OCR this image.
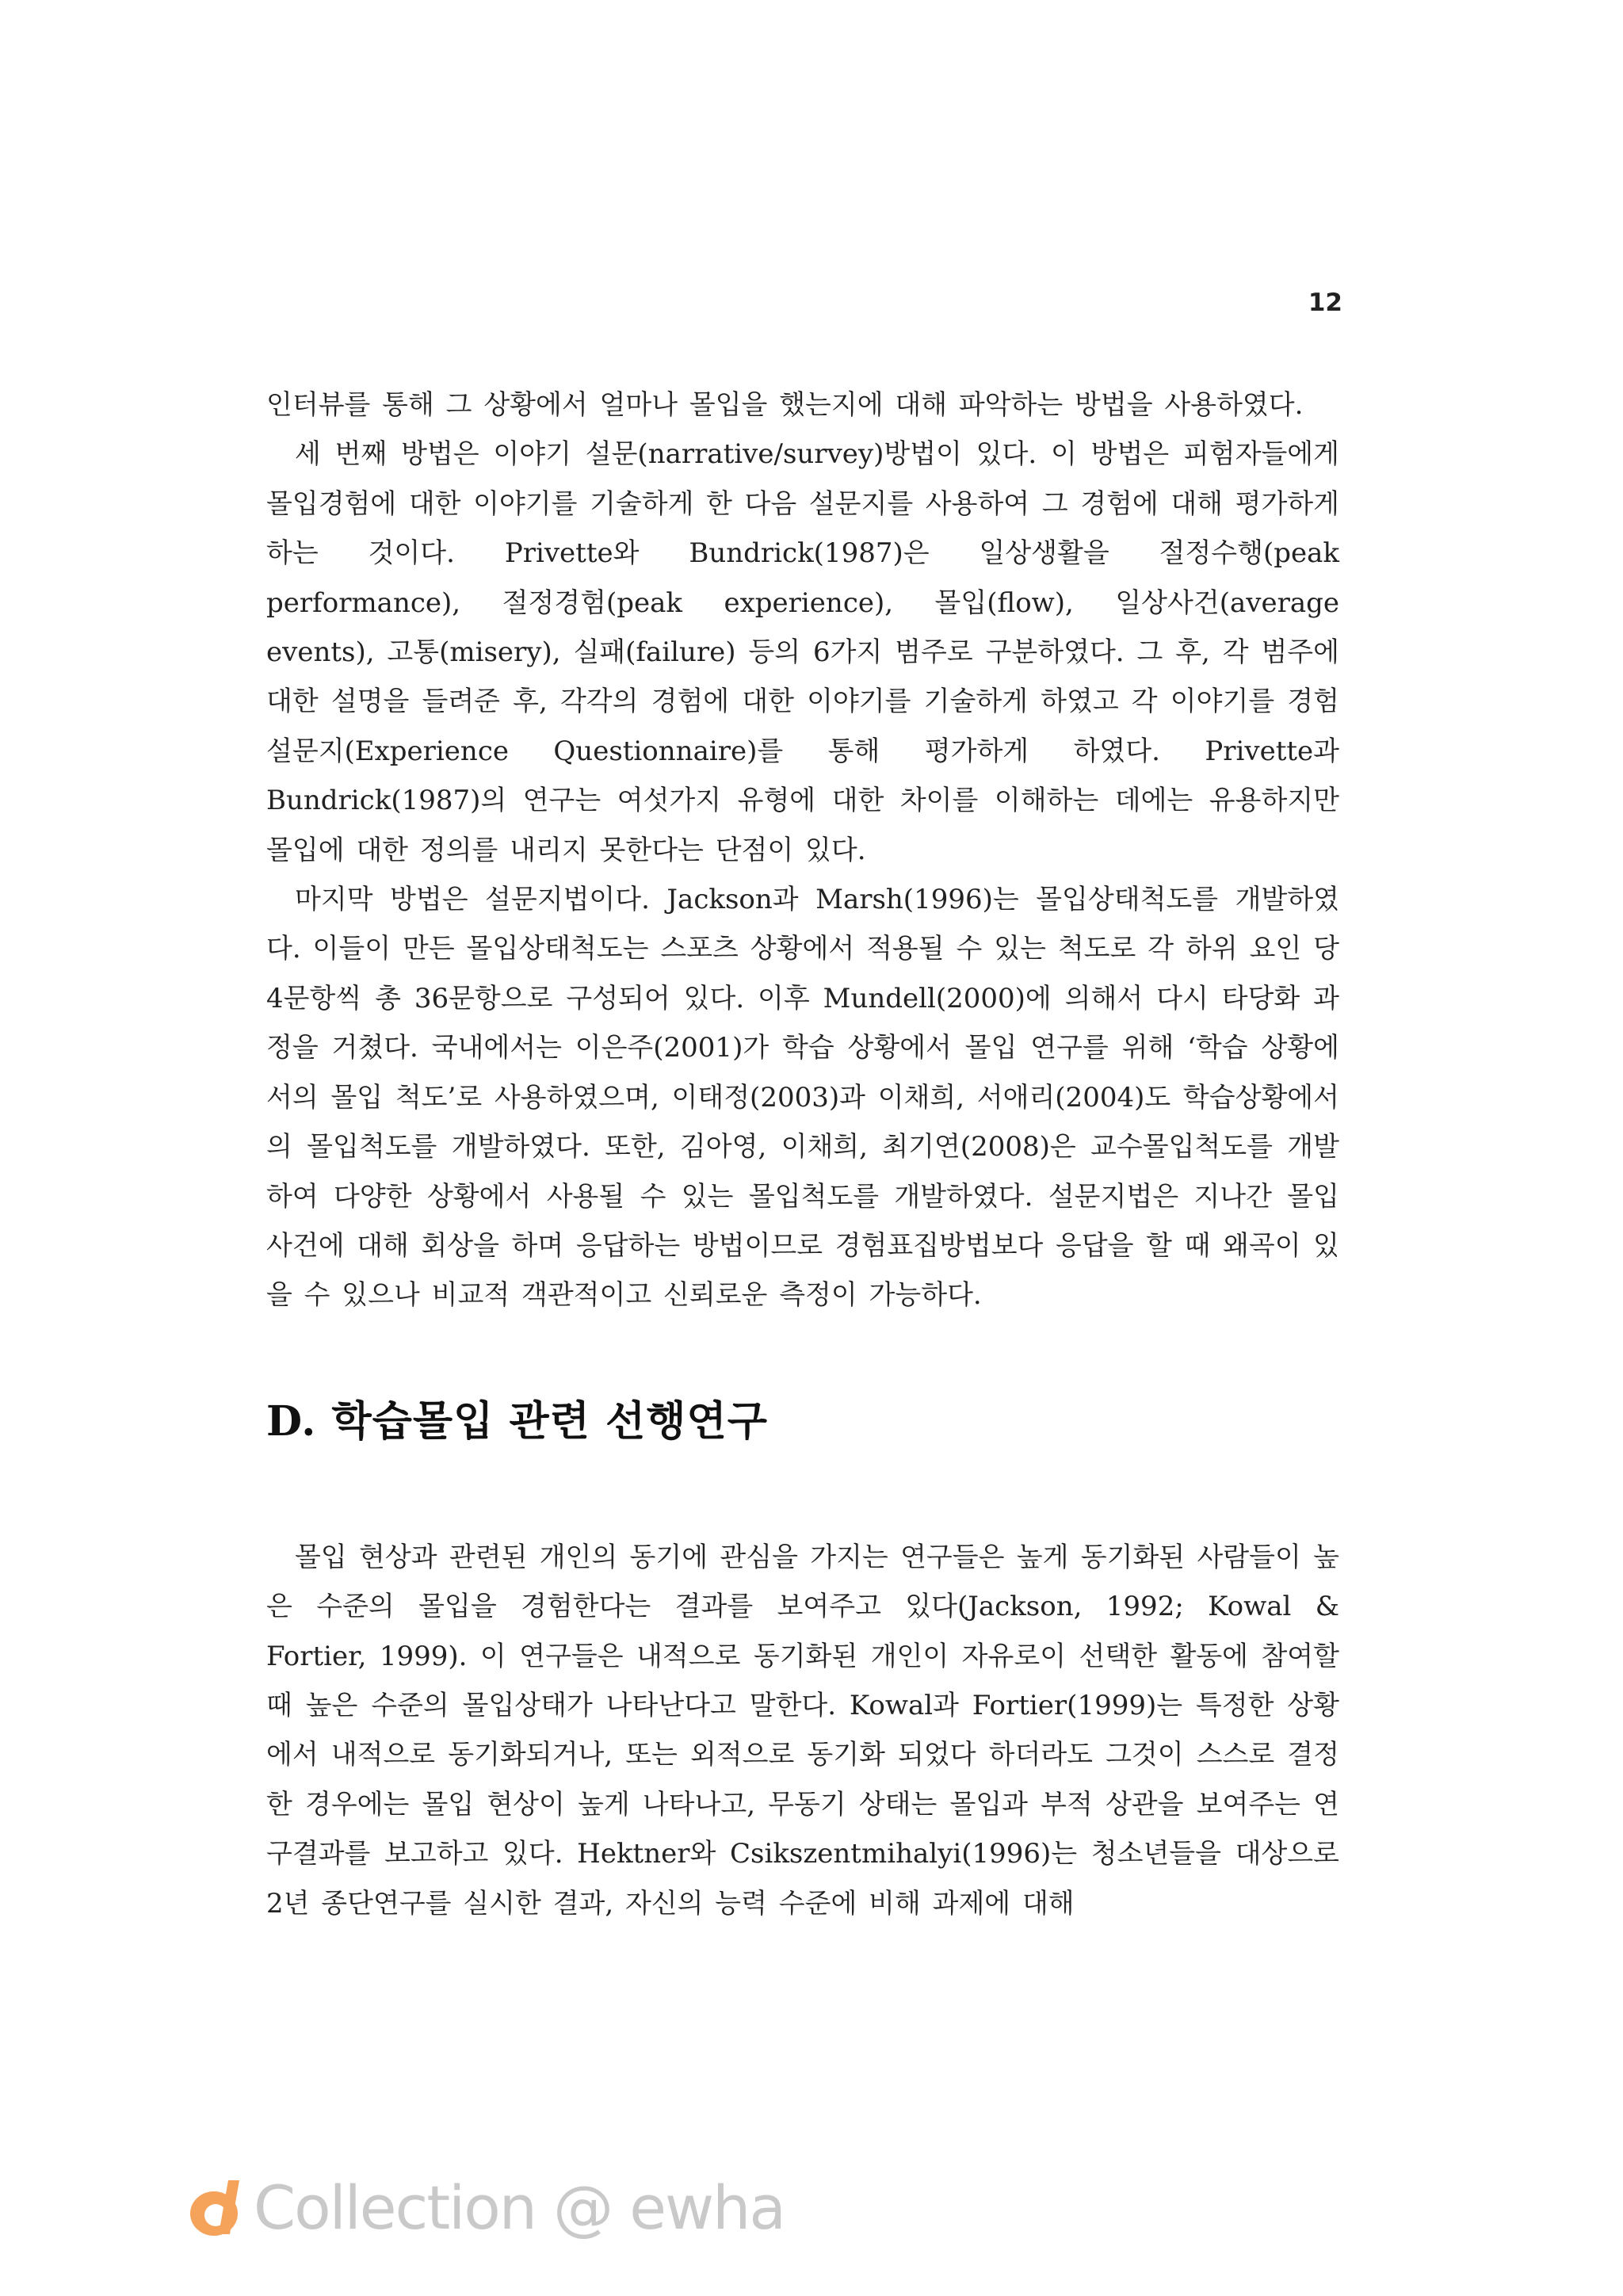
12

인터뷰를 통해 그 상황에서 얼마나 몰입을 했는지에 대해 파악하는 방법을 사용하였다.

세 번째 방법은 이야기 설문(narrative/survey)방법이 있다. 이 방법은 피험자들에게 몰입경험에 대한 이야기를 기술하게 한 다음 설문지를 사용하여 그 경험에 대해 평가하게 하는 것이다. Privette와 Bundrick(1987)은 일상생활을 절정수행(peak performance), 절정경험(peak experience), 몰입(flow), 일상사건(average events), 고통(misery), 실패(failure) 등의 6가지 범주로 구분하였다. 그 후, 각 범주에 대한 설명을 들려준 후, 각각의 경험에 대한 이야기를 기술하게 하였고 각 이야기를 경험설문지(Experience Questionnaire)를 통해 평가하게 하였다. Privette과 Bundrick(1987)의 연구는 여섯가지 유형에 대한 차이를 이해하는 데에는 유용하지만 몰입에 대한 정의를 내리지 못한다는 단점이 있다.

마지막 방법은 설문지법이다. Jackson과 Marsh(1996)는 몰입상태척도를 개발하였다. 이들이 만든 몰입상태척도는 스포츠 상황에서 적용될 수 있는 척도로 각 하위 요인 당 4문항씩 총 36문항으로 구성되어 있다. 이후 Mundell(2000)에 의해서 다시 타당화 과정을 거쳤다. 국내에서는 이은주(2001)가 학습 상황에서 몰입 연구를 위해 ‘학습 상황에서의 몰입 척도’로 사용하였으며, 이태정(2003)과 이채희, 서애리(2004)도 학습상황에서의 몰입척도를 개발하였다. 또한, 김아영, 이채희, 최기연(2008)은 교수몰입척도를 개발하여 다양한 상황에서 사용될 수 있는 몰입척도를 개발하였다. 설문지법은 지나간 몰입 사건에 대해 회상을 하며 응답하는 방법이므로 경험표집방법보다 응답을 할 때 왜곡이 있을 수 있으나 비교적 객관적이고 신뢰로운 측정이 가능하다.

D. 학습몰입 관련 선행연구

몰입 현상과 관련된 개인의 동기에 관심을 가지는 연구들은 높게 동기화된 사람들이 높은 수준의 몰입을 경험한다는 결과를 보여주고 있다(Jackson, 1992; Kowal & Fortier, 1999). 이 연구들은 내적으로 동기화된 개인이 자유로이 선택한 활동에 참여할 때 높은 수준의 몰입상태가 나타난다고 말한다. Kowal과 Fortier(1999)는 특정한 상황에서 내적으로 동기화되거나, 또는 외적으로 동기화 되었다 하더라도 그것이 스스로 결정한 경우에는 몰입 현상이 높게 나타나고, 무동기 상태는 몰입과 부적 상관을 보여주는 연구결과를 보고하고 있다. Hektner와 Csikszentmihalyi(1996)는 청소년들을 대상으로 2년 종단연구를 실시한 결과, 자신의 능력 수준에 비해 과제에 대해

Collection @ ewha
